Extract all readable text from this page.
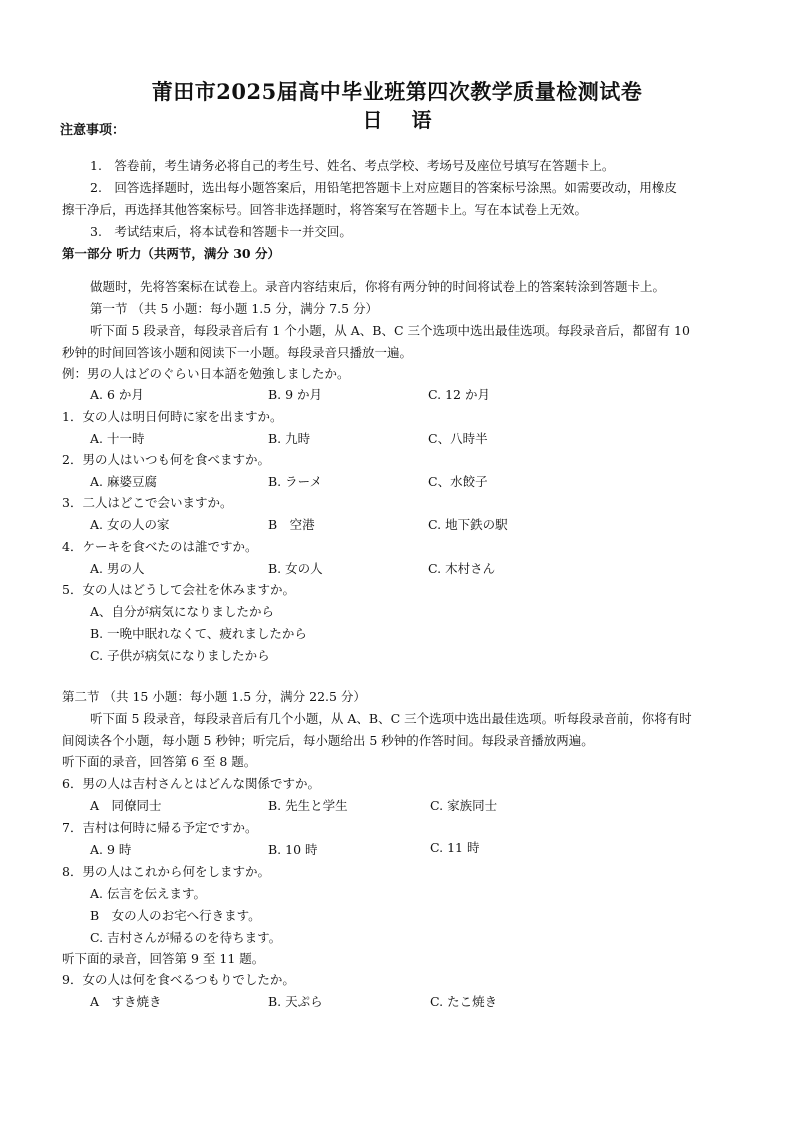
莆田市2025届高中毕业班第四次教学质量检测试卷
日 语
注意事项：
1.　答卷前，考生请务必将自己的考生号、姓名、考点学校、考场号及座位号填写在答题卡上。
2.　回答选择题时，选出每小题答案后，用铅笔把答题卡上对应题目的答案标号涂黑。如需要改动，用橡皮
擦干净后，再选择其他答案标号。回答非选择题时，将答案写在答题卡上。写在本试卷上无效。
3.　考试结束后，将本试卷和答题卡一并交回。
第一部分 听力（共两节，满分 30 分）
做题时，先将答案标在试卷上。录音内容结束后，你将有两分钟的时间将试卷上的答案转涂到答题卡上。
第一节 （共 5 小题：每小题 1.5 分，满分 7.5 分）
听下面 5 段录音，每段录音后有 1 个小题，从 A、B、C 三个选项中选出最佳选项。每段录音后，都留有 10
秒钟的时间回答该小题和阅读下一小题。每段录音只播放一遍。
例：男の人はどのぐらい日本語を勉強しましたか。
A. 6 か月	B. 9 か月	C. 12 か月
1．女の人は明日何時に家を出ますか。
A. 十一時	B. 九時	C、八時半
2．男の人はいつも何を食べますか。
A. 麻婆豆腐	B. ラーメ	C、水餃子
3．二人はどこで会いますか。
A. 女の人の家	B　空港	C. 地下鉄の駅
4．ケーキを食べたのは誰ですか。
A. 男の人	B. 女の人	C. 木村さん
5．女の人はどうして会社を休みますか。
A、自分が病気になりましたから
B. 一晩中眠れなくて、疲れましたから
C. 子供が病気になりましたから
第二节 （共 15 小题：每小题 1.5 分，满分 22.5 分）
听下面 5 段录音，每段录音后有几个小题，从 A、B、C 三个选项中选出最佳选项。听每段录音前，你将有时
间阅读各个小题，每小题 5 秒钟；听完后，每小题给出 5 秒钟的作答时间。每段录音播放两遍。
听下面的录音，回答第 6 至 8 题。
6．男の人は吉村さんとはどんな関係ですか。
A　同僚同士	B. 先生と学生	C. 家族同士
7．吉村は何時に帰る予定ですか。
A. 9 時	B. 10 時	C. 11 時
8．男の人はこれから何をしますか。
A. 伝言を伝えます。
B　女の人のお宅へ行きます。
C. 吉村さんが帰るのを待ちます。
听下面的录音，回答第 9 至 11 题。
9．女の人は何を食べるつもりでしたか。
A　すき焼き	B. 天ぷら	C. たこ焼き
